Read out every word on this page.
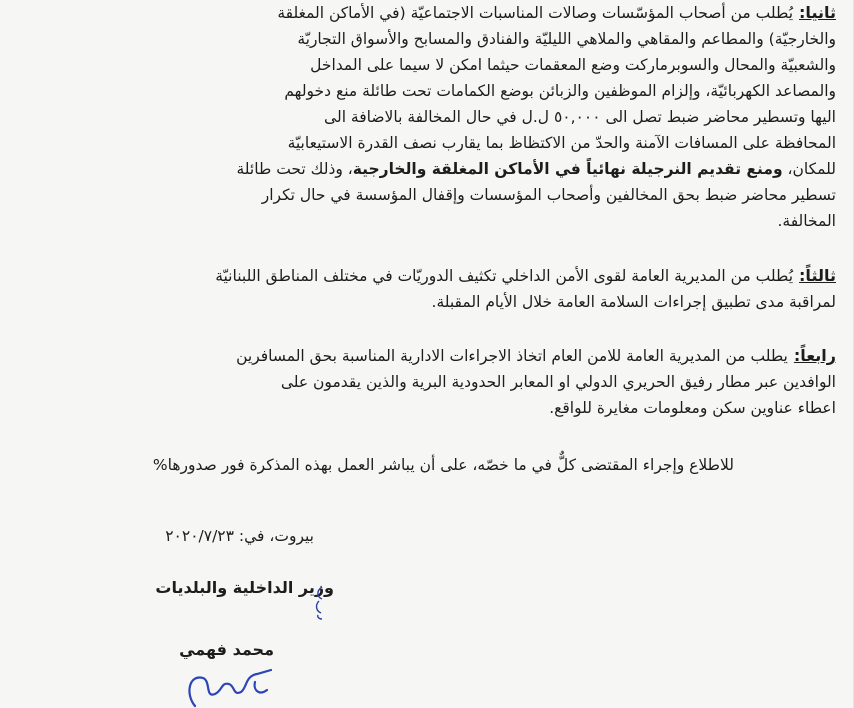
ثانيا:يُطلب من أصحاب المؤسّسات وصالات المناسبات الاجتماعيّة (في الأماكن المغلقة
والخارجيّة) والمطاعم والمقاهي والملاهي الليليّة والفنادق والمسابح والأسواق التجاريّة
والشعبيّة والمحال والسوبرماركت وضع المعقمات حيثما امكن لا سيما على المداخل
والمصاعد الكهربائيّة، وإلزام الموظفين والزبائن بوضع الكمامات تحت طائلة منع دخولهم
اليها وتسطير محاضر ضبط تصل الى ٥٠,٠٠٠ ل.ل في حال المخالفة بالاضافة الى
المحافظة على المسافات الآمنة والحدّ من الاكتظاظ بما يقارب نصف القدرة الاستيعابيّة
للمكان، ومنع تقديم النرجيلة نهائياً في الأماكن المغلقة والخارجية، وذلك تحت طائلة
تسطير محاضر ضبط بحق المخالفين وأصحاب المؤسسات وإقفال المؤسسة في حال تكرار
المخالفة.
ثالثاً:يُطلب من المديرية العامة لقوى الأمن الداخلي تكثيف الدوريّات في مختلف المناطق اللبنانيّة
لمراقبة مدى تطبيق إجراءات السلامة العامة خلال الأيام المقبلة.
رابعاً:يطلب من المديرية العامة للامن العام اتخاذ الاجراءات الادارية المناسبة بحق المسافرين
الوافدين عبر مطار رفيق الحريري الدولي او المعابر الحدودية البرية والذين يقدمون على
اعطاء عناوين سكن ومعلومات مغايرة للواقع.
للاطلاع وإجراء المقتضى كلٌّ في ما خصّه، على أن يباشر العمل بهذه المذكرة فور صدورها%
بيروت، في: ٢٠٢٠/٧/٢٣
وزير الداخلية والبلديات
محمد فهمي
